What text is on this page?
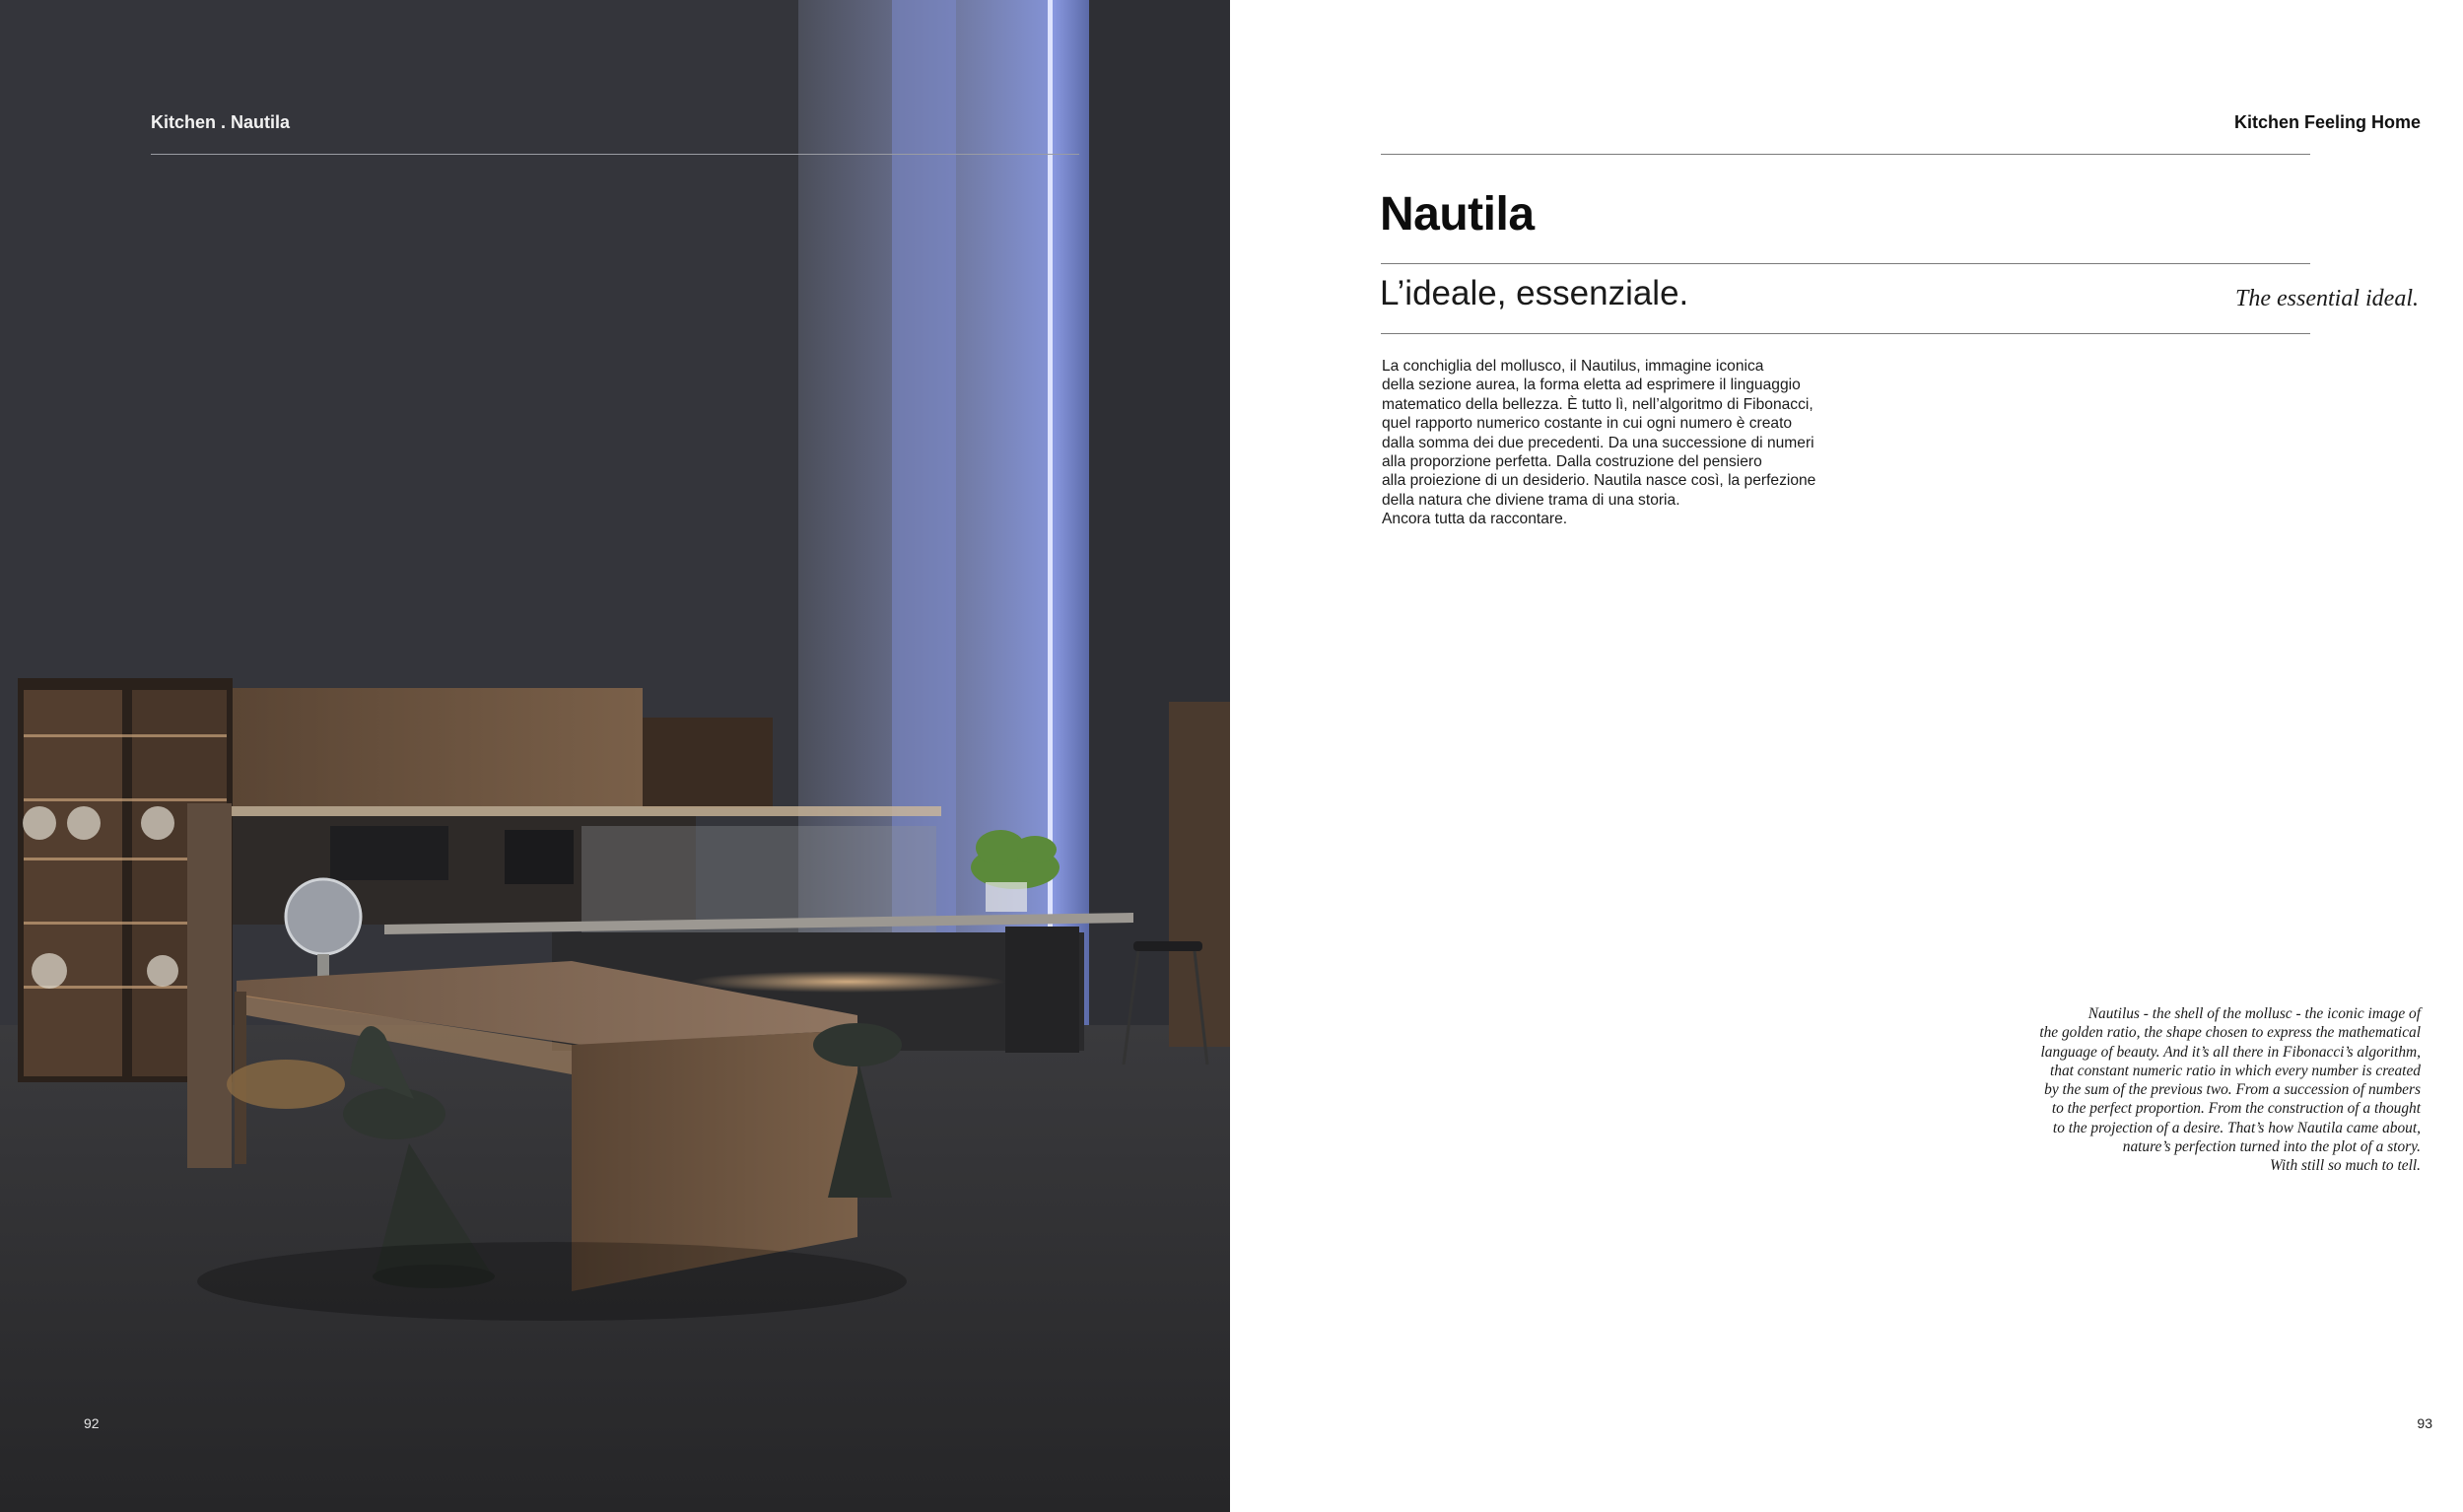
Kitchen . Nautila
92
Kitchen Feeling Home
Nautila
L’ideale, essenziale.	The essential ideal.
La conchiglia del mollusco, il Nautilus, immagine iconica
della sezione aurea, la forma eletta ad esprimere il linguaggio
matematico della bellezza. È tutto lì, nell’algoritmo di Fibonacci,
quel rapporto numerico costante in cui ogni numero è creato
dalla somma dei due precedenti. Da una successione di numeri
alla proporzione perfetta. Dalla costruzione del pensiero
alla proiezione di un desiderio. Nautila nasce così, la perfezione
della natura che diviene trama di una storia.
Ancora tutta da raccontare.
Nautilus - the shell of the mollusc - the iconic image of
the golden ratio, the shape chosen to express the mathematical
language of beauty. And it’s all there in Fibonacci’s algorithm,
that constant numeric ratio in which every number is created
by the sum of the previous two. From a succession of numbers
to the perfect proportion. From the construction of a thought
to the projection of a desire. That’s how Nautila came about,
nature’s perfection turned into the plot of a story.
With still so much to tell.
93
